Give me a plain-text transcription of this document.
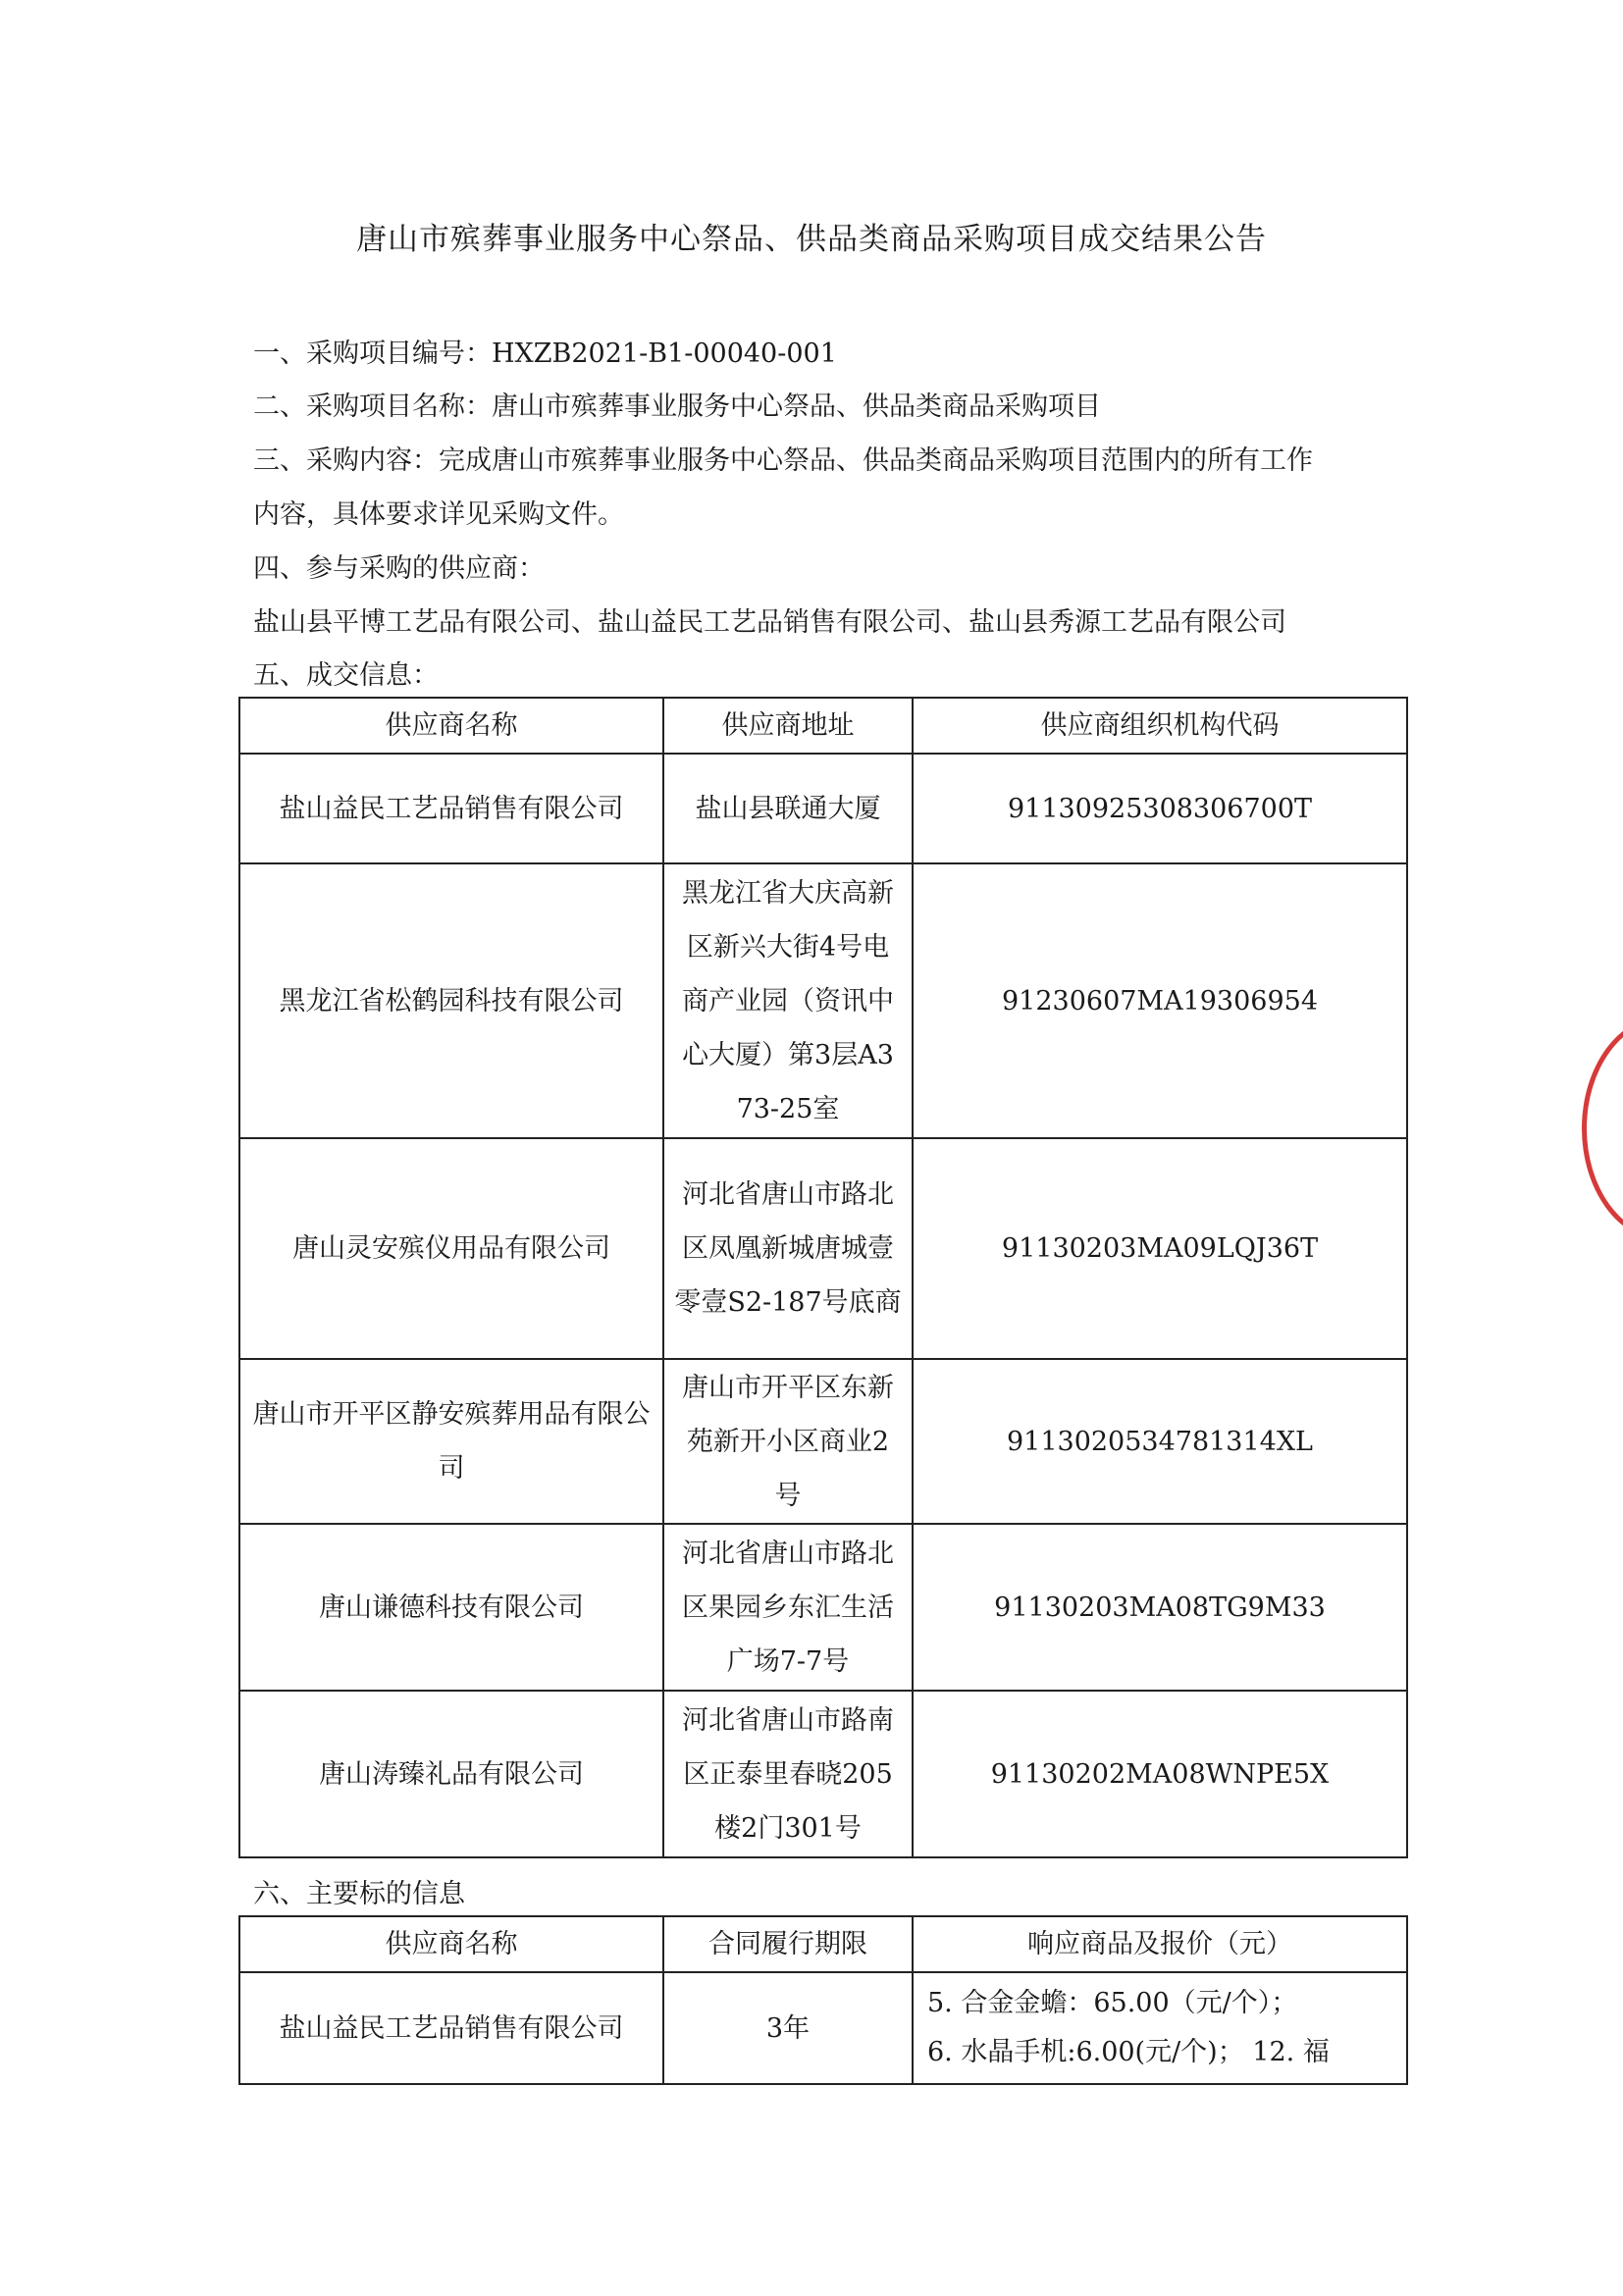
唐山市殡葬事业服务中心祭品、供品类商品采购项目成交结果公告
一、采购项目编号：HXZB2021-B1-00040-001
二、采购项目名称：唐山市殡葬事业服务中心祭品、供品类商品采购项目
三、采购内容：完成唐山市殡葬事业服务中心祭品、供品类商品采购项目范围内的所有工作
内容，具体要求详见采购文件。
四、参与采购的供应商：
盐山县平博工艺品有限公司、盐山益民工艺品销售有限公司、盐山县秀源工艺品有限公司
五、成交信息：
供应商名称	供应商地址	供应商组织机构代码
盐山益民工艺品销售有限公司	盐山县联通大厦	91130925308306700T
黑龙江省松鹤园科技有限公司	黑龙江省大庆高新区新兴大街4号电商产业园（资讯中心大厦）第3层A373-25室	91230607MA19306954
唐山灵安殡仪用品有限公司	河北省唐山市路北区凤凰新城唐城壹零壹S2-187号底商	91130203MA09LQJ36T
唐山市开平区静安殡葬用品有限公司	唐山市开平区东新苑新开小区商业2号	9113020534781314XL
唐山谦德科技有限公司	河北省唐山市路北区果园乡东汇生活广场7-7号	91130203MA08TG9M33
唐山涛臻礼品有限公司	河北省唐山市路南区正泰里春晓205楼2门301号	91130202MA08WNPE5X
六、主要标的信息
供应商名称	合同履行期限	响应商品及报价（元）
盐山益民工艺品销售有限公司	3年	5. 合金金蟾：65.00（元/个）；
6. 水晶手机:6.00(元/个)； 12. 福
